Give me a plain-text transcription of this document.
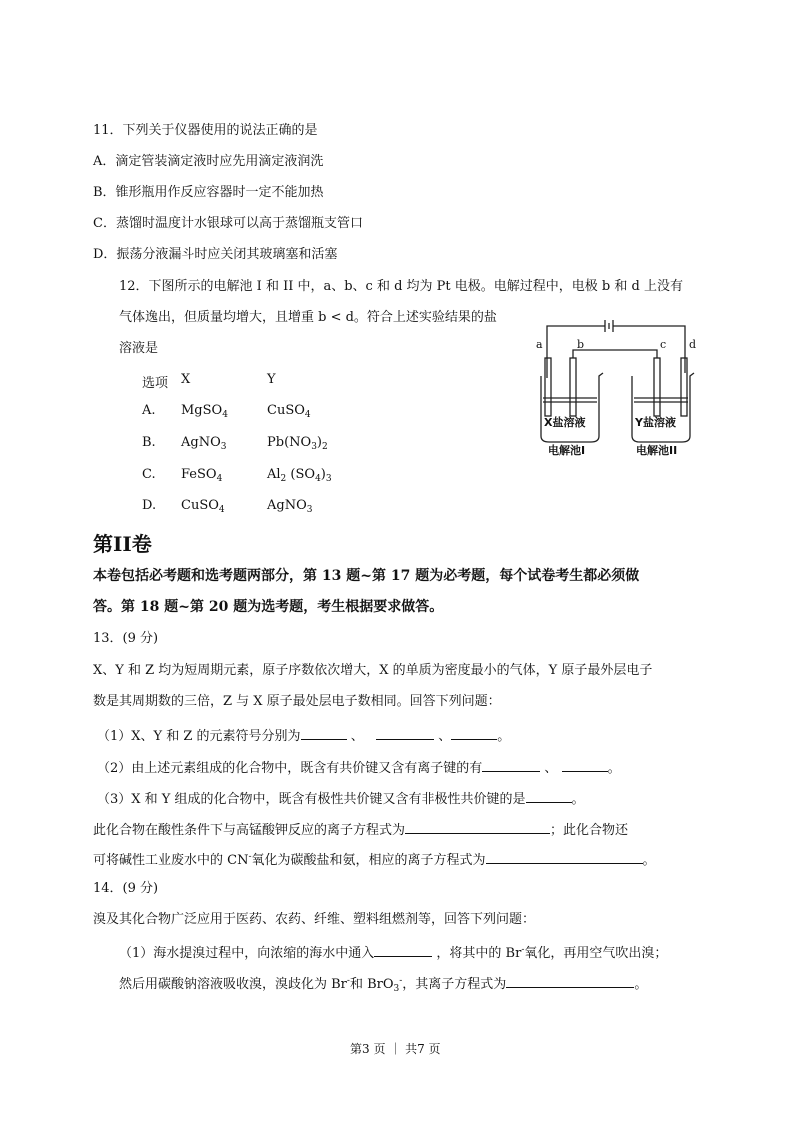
11．下列关于仪器使用的说法正确的是
A．滴定管装滴定液时应先用滴定液润洗
B．锥形瓶用作反应容器时一定不能加热
C．蒸馏时温度计水银球可以高于蒸馏瓶支管口
D．振荡分液漏斗时应关闭其玻璃塞和活塞
12．下图所示的电解池 I 和 II 中，a、b、c 和 d 均为 Pt 电极。电解过程中，电极 b 和 d 上没有
气体逸出，但质量均增大，且增重 b < d。符合上述实验结果的盐
溶液是
选项 X	Y
A. MgSO$_4$	CuSO$_4$
B. AgNO$_3$	$Pb(NO_3)_2$
C. FeSO$_4$	$Al_2$ $(SO_4)_3$
D. CuSO$_4$	AgNO$_3$
a	b	c d
X盐溶液	Y盐溶液
电解池I	电解池II
第II卷
本卷包括必考题和选考题两部分，第 13 题~第 17 题为必考题，每个试卷考生都必须做
答。第 18 题~第 20 题为选考题，考生根据要求做答。
13．(9 分)
X、Y 和 Z 均为短周期元素，原子序数依次增大，X 的单质为密度最小的气体，Y 原子最外层电子
数是其周期数的三倍，Z 与 X 原子最处层电子数相同。回答下列问题：
（1）X、Y 和 Z 的元素符号分别为	、	、	。
（2）由上述元素组成的化合物中，既含有共价键又含有离子键的有	、	。
（3）X 和 Y 组成的化合物中，既含有极性共价键又含有非极性共价键的是	。
此化合物在酸性条件下与高锰酸钾反应的离子方程式为	；此化合物还
可将碱性工业废水中的 CN-氧化为碳酸盐和氨，相应的离子方程式为	。
14．(9 分)
溴及其化合物广泛应用于医药、农药、纤维、塑料组燃剂等，回答下列问题：
（1）海水提溴过程中，向浓缩的海水中通入	，将其中的 Br-氧化，再用空气吹出溴；
然后用碳酸钠溶液吸收溴，溴歧化为 Br-和 BrO$_3$-，其离子方程式为	。
第3 页 ｜ 共7 页
